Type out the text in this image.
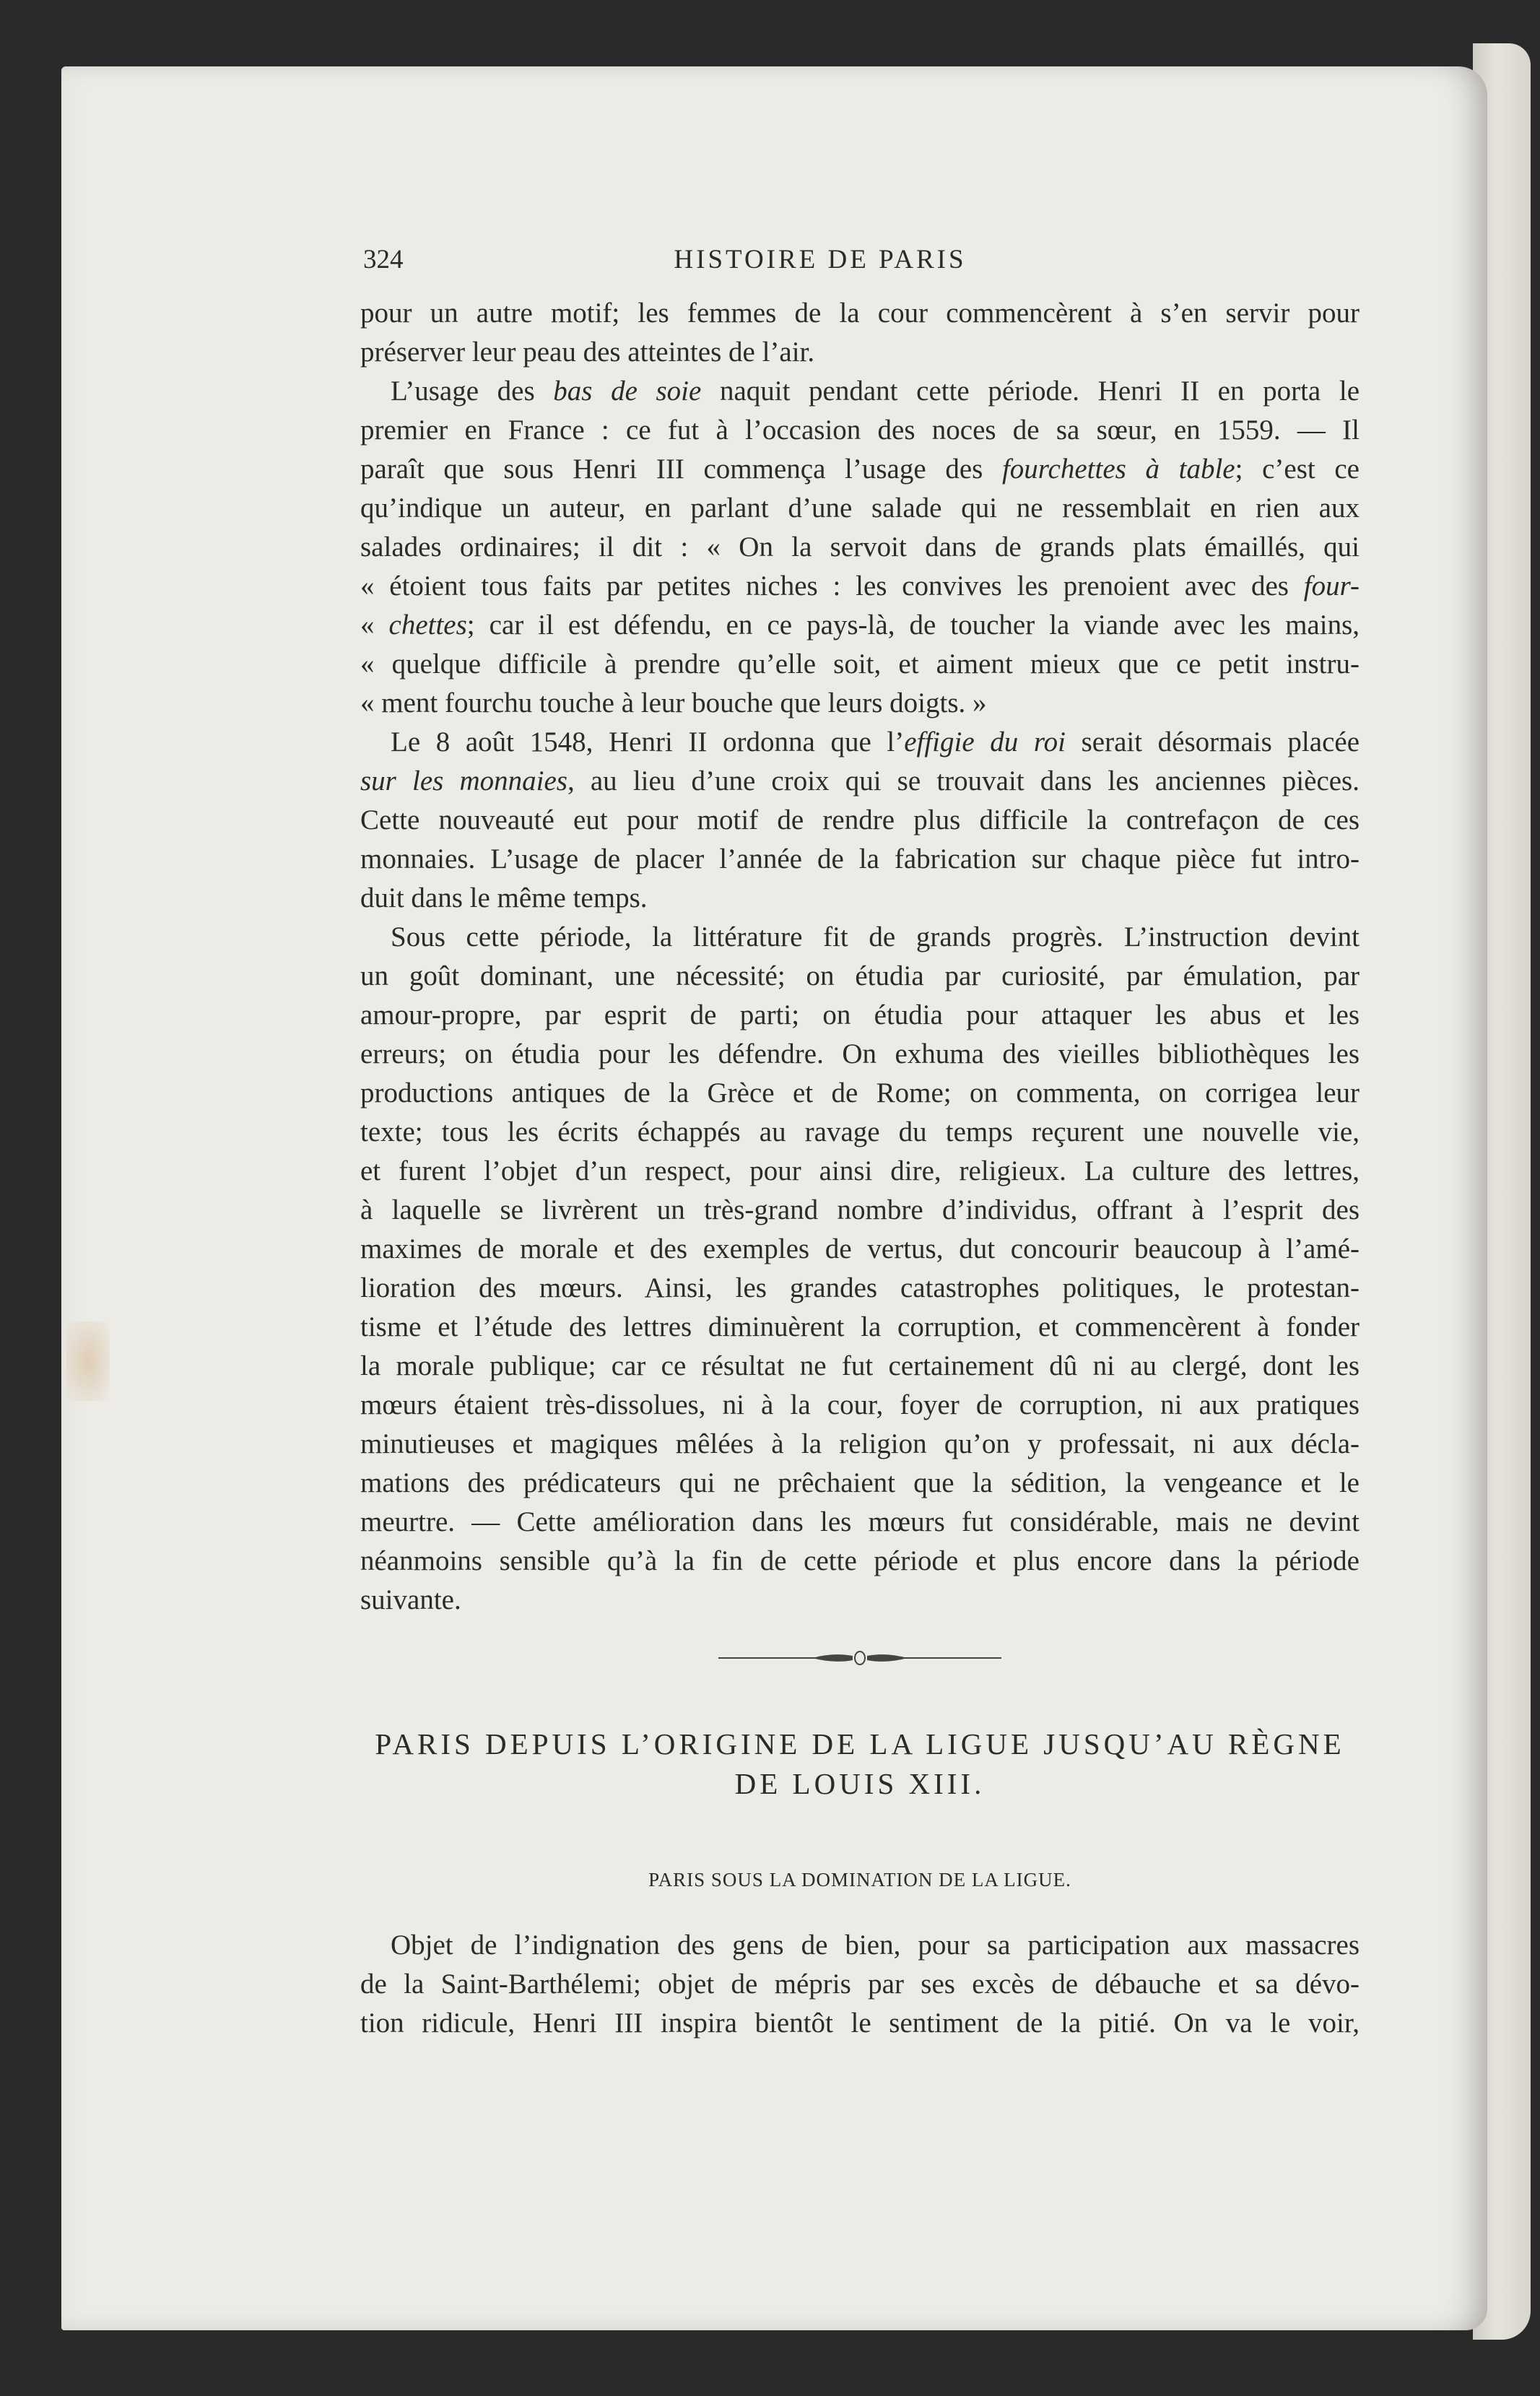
324	HISTOIRE DE PARIS
pour un autre motif; les femmes de la cour commencèrent à s’en servir pour
préserver leur peau des atteintes de l’air.
L’usage des bas de soie naquit pendant cette période. Henri II en porta le
premier en France : ce fut à l’occasion des noces de sa sœur, en 1559. — Il
paraît que sous Henri III commença l’usage des fourchettes à table; c’est ce
qu’indique un auteur, en parlant d’une salade qui ne ressemblait en rien aux
salades ordinaires; il dit : « On la servoit dans de grands plats émaillés, qui
« étoient tous faits par petites niches : les convives les prenoient avec des four-
« chettes; car il est défendu, en ce pays-là, de toucher la viande avec les mains,
« quelque difficile à prendre qu’elle soit, et aiment mieux que ce petit instru-
« ment fourchu touche à leur bouche que leurs doigts. »
Le 8 août 1548, Henri II ordonna que l’effigie du roi serait désormais placée
sur les monnaies, au lieu d’une croix qui se trouvait dans les anciennes pièces.
Cette nouveauté eut pour motif de rendre plus difficile la contrefaçon de ces
monnaies. L’usage de placer l’année de la fabrication sur chaque pièce fut intro-
duit dans le même temps.
Sous cette période, la littérature fit de grands progrès. L’instruction devint
un goût dominant, une nécessité; on étudia par curiosité, par émulation, par
amour-propre, par esprit de parti; on étudia pour attaquer les abus et les
erreurs; on étudia pour les défendre. On exhuma des vieilles bibliothèques les
productions antiques de la Grèce et de Rome; on commenta, on corrigea leur
texte; tous les écrits échappés au ravage du temps reçurent une nouvelle vie,
et furent l’objet d’un respect, pour ainsi dire, religieux. La culture des lettres,
à laquelle se livrèrent un très-grand nombre d’individus, offrant à l’esprit des
maximes de morale et des exemples de vertus, dut concourir beaucoup à l’amé-
lioration des mœurs. Ainsi, les grandes catastrophes politiques, le protestan-
tisme et l’étude des lettres diminuèrent la corruption, et commencèrent à fonder
la morale publique; car ce résultat ne fut certainement dû ni au clergé, dont les
mœurs étaient très-dissolues, ni à la cour, foyer de corruption, ni aux pratiques
minutieuses et magiques mêlées à la religion qu’on y professait, ni aux décla-
mations des prédicateurs qui ne prêchaient que la sédition, la vengeance et le
meurtre. — Cette amélioration dans les mœurs fut considérable, mais ne devint
néanmoins sensible qu’à la fin de cette période et plus encore dans la période
suivante.
PARIS DEPUIS L’ORIGINE DE LA LIGUE JUSQU’AU RÈGNE
DE LOUIS XIII.
PARIS SOUS LA DOMINATION DE LA LIGUE.
Objet de l’indignation des gens de bien, pour sa participation aux massacres
de la Saint-Barthélemi; objet de mépris par ses excès de débauche et sa dévo-
tion ridicule, Henri III inspira bientôt le sentiment de la pitié. On va le voir,
